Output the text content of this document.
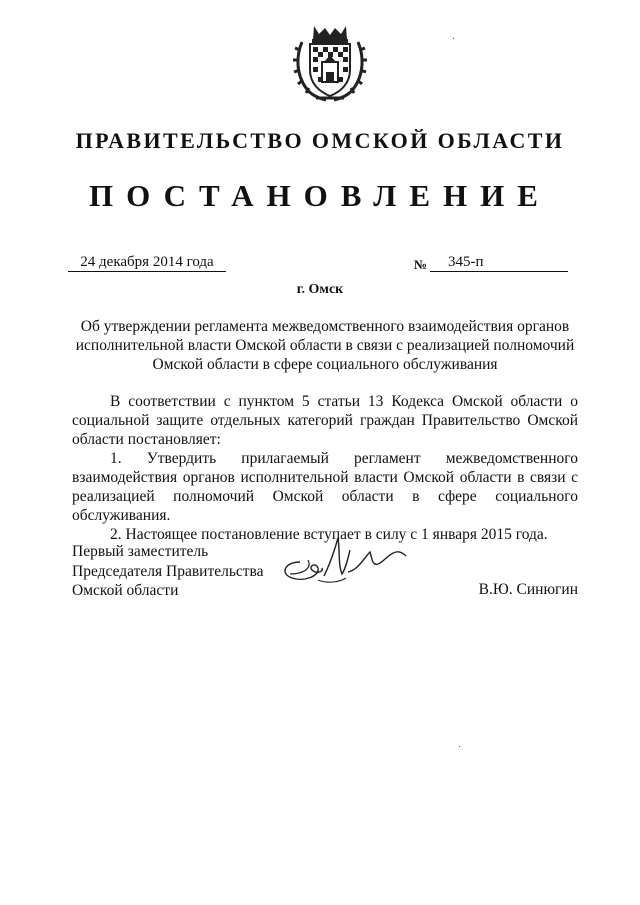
ПРАВИТЕЛЬСТВО ОМСКОЙ ОБЛАСТИ
ПОСТАНОВЛЕНИЕ
24 декабря 2014 года	№	345-п
г. Омск

Об утверждении регламента межведомственного взаимодействия органов исполнительной власти Омской области в связи с реализацией полномочий Омской области в сфере социального обслуживания

В соответствии с пунктом 5 статьи 13 Кодекса Омской области о социальной защите отдельных категорий граждан Правительство Омской области постановляет:

1. Утвердить прилагаемый регламент межведомственного взаимодействия органов исполнительной власти Омской области в связи с реализацией полномочий Омской области в сфере социального обслуживания.

2. Настоящее постановление вступает в силу с 1 января 2015 года.

Первый заместитель
Председателя Правительства
Омской области	В.Ю. Синюгин
·
·
